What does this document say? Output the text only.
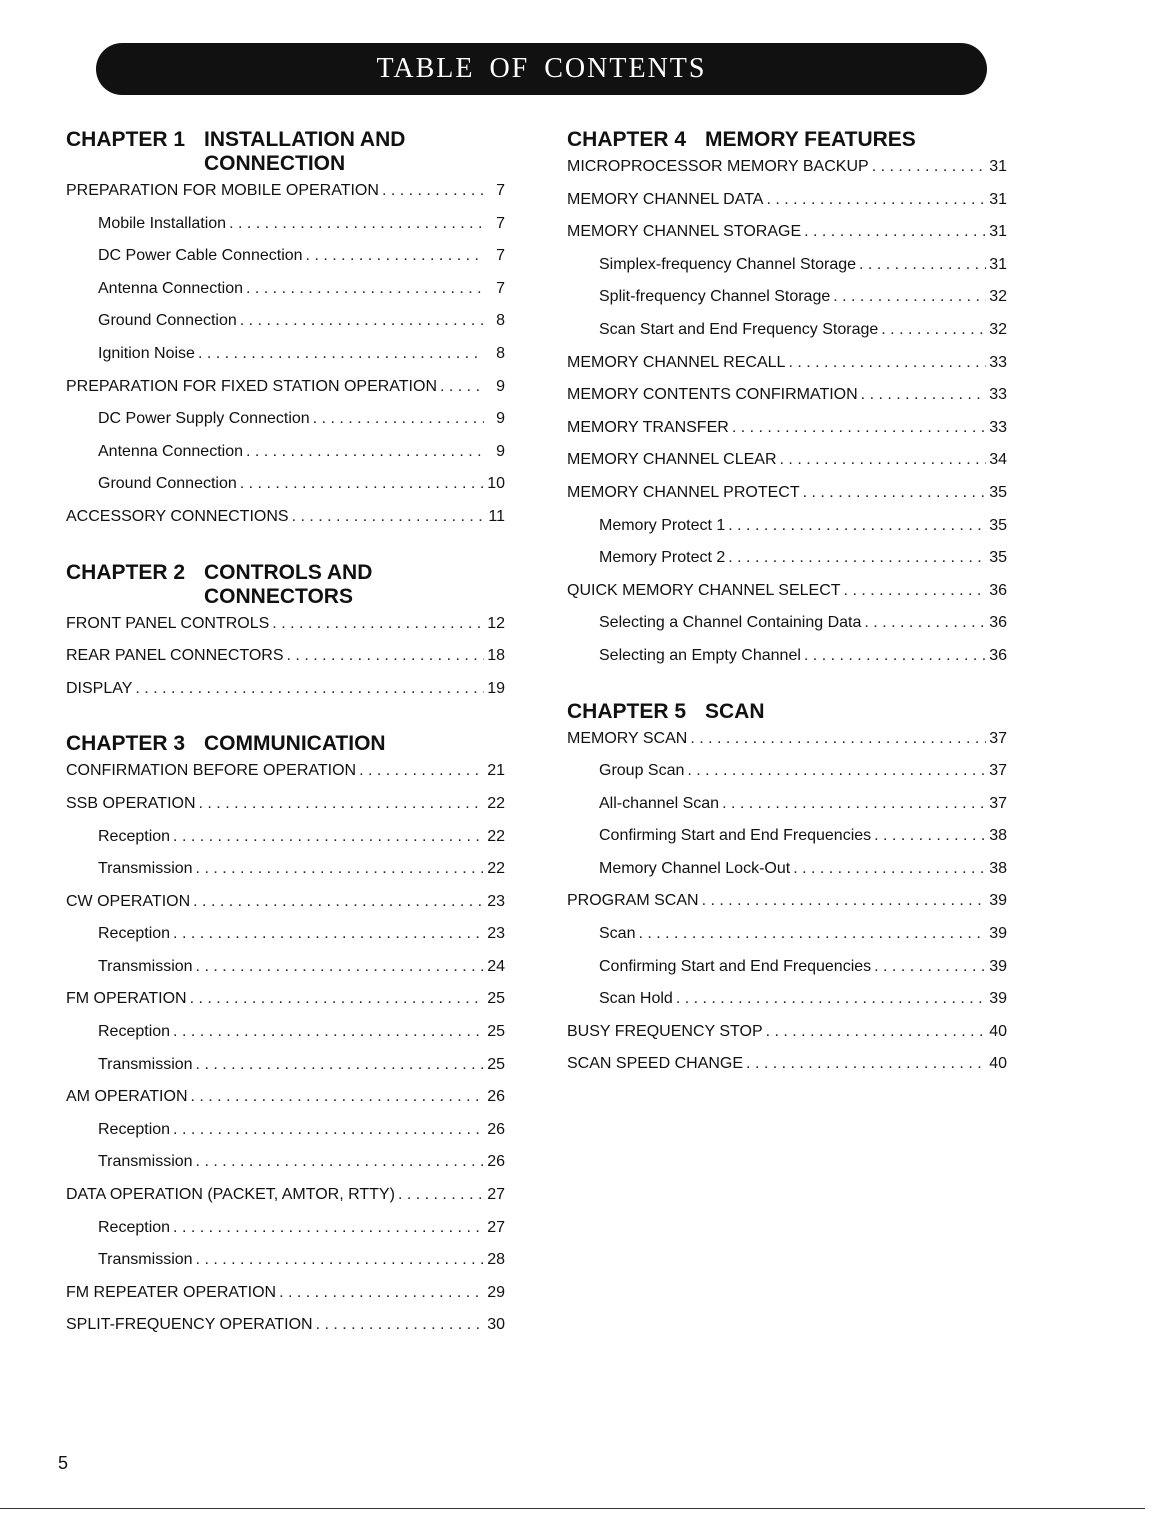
TABLE OF CONTENTS
CHAPTER 1 INSTALLATION AND CONNECTION
PREPARATION FOR MOBILE OPERATION . . .	7
Mobile Installation . . .	7
DC Power Cable Connection . . .	7
Antenna Connection . . .	7
Ground Connection . . .	8
Ignition Noise . . .	8
PREPARATION FOR FIXED STATION OPERATION . . .	9
DC Power Supply Connection . . .	9
Antenna Connection . . .	9
Ground Connection . . .	10
ACCESSORY CONNECTIONS . . .	11
CHAPTER 2 CONTROLS AND CONNECTORS
FRONT PANEL CONTROLS . . .	12
REAR PANEL CONNECTORS . . .	18
DISPLAY . . .	19
CHAPTER 3 COMMUNICATION
CONFIRMATION BEFORE OPERATION . . .	21
SSB OPERATION . . .	22
Reception . . .	22
Transmission . . .	22
CW OPERATION . . .	23
Reception . . .	23
Transmission . . .	24
FM OPERATION . . .	25
Reception . . .	25
Transmission . . .	25
AM OPERATION . . .	26
Reception . . .	26
Transmission . . .	26
DATA OPERATION (PACKET, AMTOR, RTTY) . . .	27
Reception . . .	27
Transmission . . .	28
FM REPEATER OPERATION . . .	29
SPLIT-FREQUENCY OPERATION . . .	30
CHAPTER 4 MEMORY FEATURES
MICROPROCESSOR MEMORY BACKUP . . .	31
MEMORY CHANNEL DATA . . .	31
MEMORY CHANNEL STORAGE . . .	31
Simplex-frequency Channel Storage . . .	31
Split-frequency Channel Storage . . .	32
Scan Start and End Frequency Storage . . .	32
MEMORY CHANNEL RECALL . . .	33
MEMORY CONTENTS CONFIRMATION . . .	33
MEMORY TRANSFER . . .	33
MEMORY CHANNEL CLEAR . . .	34
MEMORY CHANNEL PROTECT . . .	35
Memory Protect 1 . . .	35
Memory Protect 2 . . .	35
QUICK MEMORY CHANNEL SELECT . . .	36
Selecting a Channel Containing Data . . .	36
Selecting an Empty Channel . . .	36
CHAPTER 5 SCAN
MEMORY SCAN . . .	37
Group Scan . . .	37
All-channel Scan . . .	37
Confirming Start and End Frequencies . . .	38
Memory Channel Lock-Out . . .	38
PROGRAM SCAN . . .	39
Scan . . .	39
Confirming Start and End Frequencies . . .	39
Scan Hold . . .	39
BUSY FREQUENCY STOP . . .	40
SCAN SPEED CHANGE . . .	40
5
